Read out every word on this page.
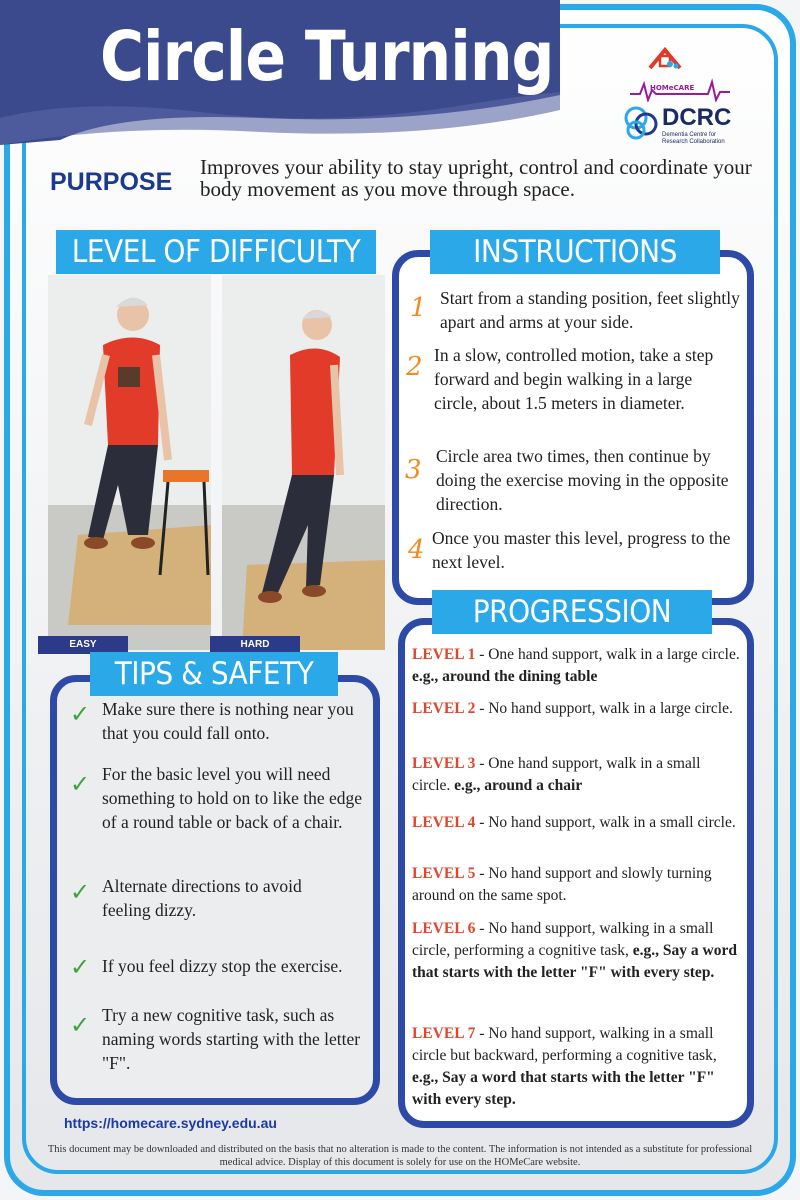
Circle Turning	HOMeCARE
DCRC
Dementia Centre for Research Collaboration
PURPOSE
Improves your ability to stay upright, control and coordinate your body movement as you move through space.
LEVEL OF DIFFICULTY
EASY	HARD
INSTRUCTIONS
1 Start from a standing position, feet slightly apart and arms at your side.
2 In a slow, controlled motion, take a step forward and begin walking in a large circle, about 1.5 meters in diameter.
3 Circle area two times, then continue by doing the exercise moving in the opposite direction.
4 Once you master this level, progress to the next level.
TIPS & SAFETY
✓ Make sure there is nothing near you that you could fall onto.
✓ For the basic level you will need something to hold on to like the edge of a round table or back of a chair.
✓ Alternate directions to avoid feeling dizzy.
✓ If you feel dizzy stop the exercise.
✓ Try a new cognitive task, such as naming words starting with the letter "F".
PROGRESSION
LEVEL 1 - One hand support, walk in a large circle. e.g., around the dining table
LEVEL 2 - No hand support, walk in a large circle.
LEVEL 3 - One hand support, walk in a small circle. e.g., around a chair
LEVEL 4 - No hand support, walk in a small circle.
LEVEL 5 - No hand support and slowly turning around on the same spot.
LEVEL 6 - No hand support, walking in a small circle, performing a cognitive task, e.g., Say a word that starts with the letter "F" with every step.
LEVEL 7 - No hand support, walking in a small circle but backward, performing a cognitive task, e.g., Say a word that starts with the letter "F" with every step.
https://homecare.sydney.edu.au
This document may be downloaded and distributed on the basis that no alteration is made to the content. The information is not intended as a substitute for professional medical advice. Display of this document is solely for use on the HOMeCare website.
